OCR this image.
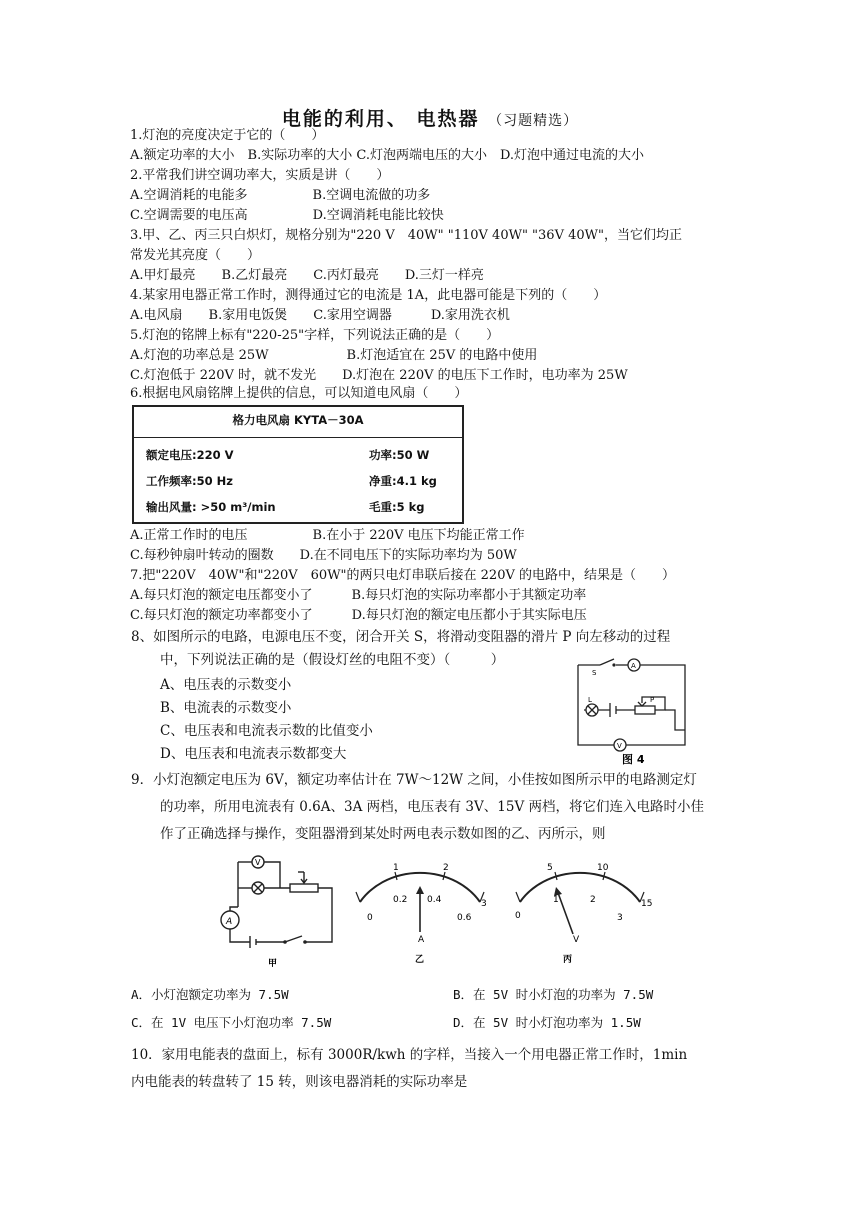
电能的利用、 电热器 （习题精选）
1.灯泡的亮度决定于它的（　　）
A.额定功率的大小　B.实际功率的大小 C.灯泡两端电压的大小　D.灯泡中通过电流的大小
2.平常我们讲空调功率大，实质是讲（　　）
A.空调消耗的电能多　　　　　B.空调电流做的功多
C.空调需要的电压高　　　　　D.空调消耗电能比较快
3.甲、乙、丙三只白炽灯，规格分别为"220 V　40W" "110V 40W" "36V 40W"，当它们均正
常发光其亮度（　　）
A.甲灯最亮　　B.乙灯最亮　　C.丙灯最亮　　D.三灯一样亮
4.某家用电器正常工作时，测得通过它的电流是 1A，此电器可能是下列的（　　）
A.电风扇　　B.家用电饭煲　　C.家用空调器　　　D.家用洗衣机
5.灯泡的铭牌上标有"220-25"字样，下列说法正确的是（　　）
A.灯泡的功率总是 25W　　　　　　B.灯泡适宜在 25V 的电路中使用
C.灯泡低于 220V 时，就不发光　　D.灯泡在 220V 的电压下工作时，电功率为 25W
6.根据电风扇铭牌上提供的信息，可以知道电风扇（　　）
格力电风扇 KYTA－30A
额定电压:220 V	功率:50 W
工作频率:50 Hz	净重:4.1 kg
输出风量: >50 m³/min	毛重:5 kg
A.正常工作时的电压　　　　　B.在小于 220V 电压下均能正常工作
C.每秒钟扇叶转动的圈数　　D.在不同电压下的实际功率均为 50W
7.把"220V　40W"和"220V　60W"的两只电灯串联后接在 220V 的电路中，结果是（　　）
A.每只灯泡的额定电压都变小了　　　B.每只灯泡的实际功率都小于其额定功率
C.每只灯泡的额定功率都变小了　　　D.每只灯泡的额定电压都小于其实际电压
8、如图所示的电路，电源电压不变，闭合开关 S，将滑动变阻器的滑片 P 向左移动的过程
中，下列说法正确的是（假设灯丝的电阻不变）（　　　）
A、电压表的示数变小
B、电流表的示数变小
C、电压表和电流表示数的比值变小
D、电压表和电流表示数都变大
S
A
L	P
V
图 4
9．小灯泡额定电压为 6V，额定功率估计在 7W～12W 之间，小佳按如图所示甲的电路测定灯
的功率，所用电流表有 0.6A、3A 两档，电压表有 3V、15V 两档，将它们连入电路时小佳
作了正确选择与操作，变阻器滑到某处时两电表示数如图的乙、丙所示，则
V
A
甲
1	2
3
0
0.2 0.4
0.6
A
乙
5	10
15
0
1	2
3
V
丙
A．小灯泡额定功率为 7.5W	B．在 5V 时小灯泡的功率为 7.5W
C．在 1V 电压下小灯泡功率 7.5W	D．在 5V 时小灯泡功率为 1.5W
10．家用电能表的盘面上，标有 3000R/kwh 的字样，当接入一个用电器正常工作时，1min
内电能表的转盘转了 15 转，则该电器消耗的实际功率是
